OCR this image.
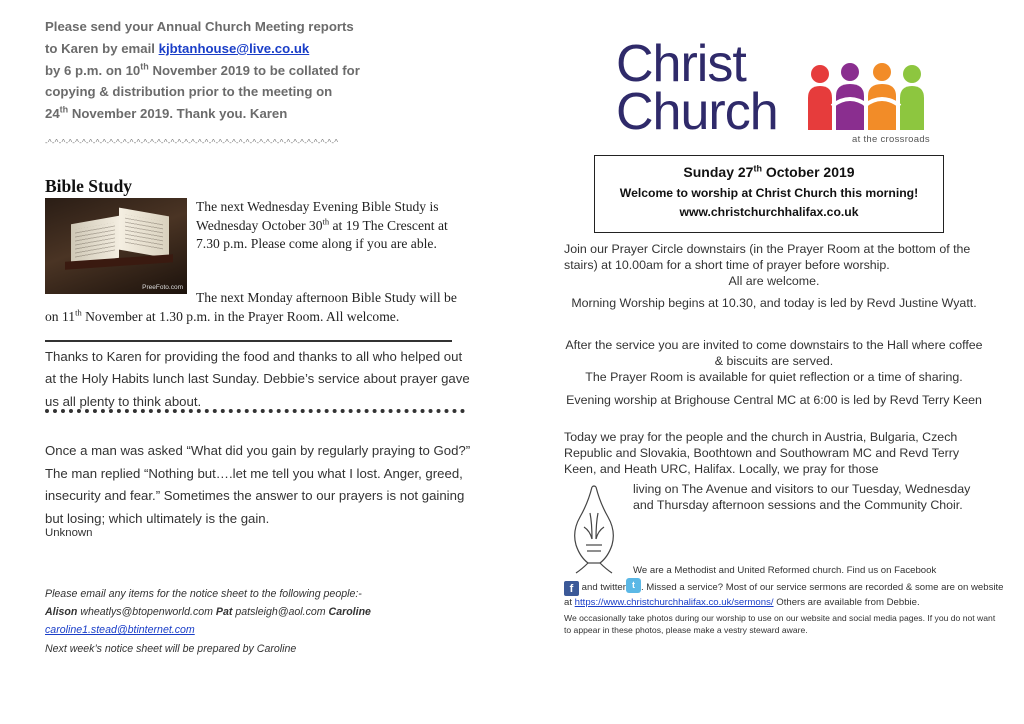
Please send your Annual Church Meeting reports
to Karen by email kjbtanhouse@live.co.uk
by 6 p.m. on 10th November 2019 to be collated for
copying & distribution prior to the meeting on
24th November 2019. Thank you. Karen
-^-^-^-^-^-^-^-^-^-^-^-^-^-^-^-^-^-^-^-^-^-^-^-^-^-^-^-^-^-^-^-^-^-^-^-^-^-^-^-^-^-^-^
Bible Study
PreeFoto.com
The next Wednesday Evening Bible Study is Wednesday October 30th at 19 The Crescent at 7.30 p.m. Please come along if you are able.
The next Monday afternoon Bible Study will be on 11th November at 1.30 p.m. in the Prayer Room. All welcome.
Thanks to Karen for providing the food and thanks to all who helped out at the Holy Habits lunch last Sunday. Debbie’s service about prayer gave us all plenty to think about.
Once a man was asked “What did you gain by regularly praying to God?” The man replied “Nothing but….let me tell you what I lost. Anger, greed, insecurity and fear.” Sometimes the answer to our prayers is not gaining but losing; which ultimately is the gain.
Unknown
Please email any items for the notice sheet to the following people:-
Alison wheatlys@btopenworld.com Pat patsleigh@aol.com Caroline
caroline1.stead@btinternet.com
Next week’s notice sheet will be prepared by Caroline
Christ
Church	at the crossroads
Sunday 27th October 2019
Welcome to worship at Christ Church this morning!
www.christchurchhalifax.co.uk
Join our Prayer Circle downstairs (in the Prayer Room at the bottom of the stairs) at 10.00am for a short time of prayer before worship.
All are welcome.
Morning Worship begins at 10.30, and today is led by Revd Justine Wyatt.
After the service you are invited to come downstairs to the Hall where coffee & biscuits are served.
The Prayer Room is available for quiet reflection or a time of sharing.
Evening worship at Brighouse Central MC at 6:00 is led by Revd Terry Keen
Today we pray for the people and the church in Austria, Bulgaria, Czech Republic and Slovakia, Boothtown and Southowram MC and Revd Terry Keen, and Heath URC, Halifax. Locally, we pray for those
living on The Avenue and visitors to our Tuesday, Wednesday and Thursday afternoon sessions and the Community Choir.
We are a Methodist and United Reformed church. Find us on Facebook
f and twitter t . Missed a service? Most of our service sermons are recorded & some are on website at https://www.christchurchhalifax.co.uk/sermons/ Others are available from Debbie.
We occasionally take photos during our worship to use on our website and social media pages. If you do not want to appear in these photos, please make a vestry steward aware.
